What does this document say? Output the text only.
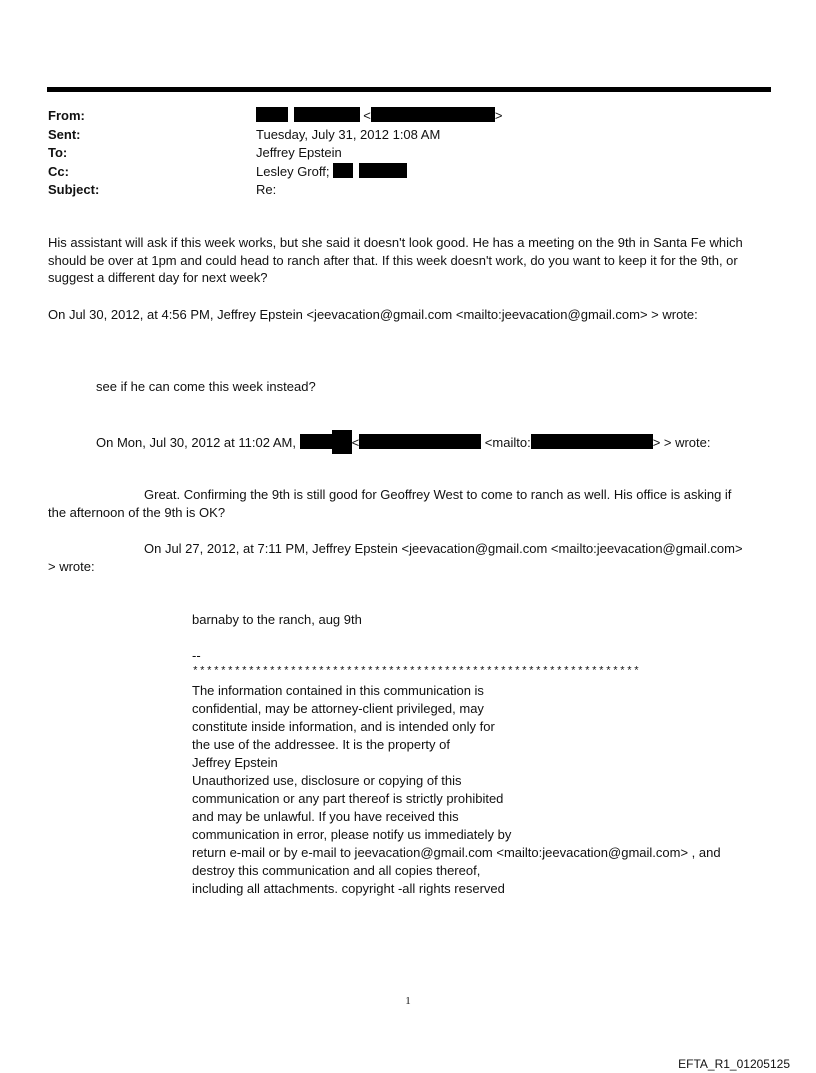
From:	<	>
Sent:	Tuesday, July 31, 2012 1:08 AM
To:	Jeffrey Epstein
Cc:	Lesley Groff;
Subject:	Re:
His assistant will ask if this week works, but she said it doesn't look good. He has a meeting on the 9th in Santa Fe which should be over at 1pm and could head to ranch after that. If this week doesn't work, do you want to keep it for the 9th, or suggest a different day for next week?
On Jul 30, 2012, at 4:56 PM, Jeffrey Epstein <jeevacation@gmail.com <mailto:jeevacation@gmail.com> > wrote:
see if he can come this week instead?
On Mon, Jul 30, 2012 at 11:02 AM,	<	<mailto:	> > wrote:
Great. Confirming the 9th is still good for Geoffrey West to come to ranch as well. His office is asking if
the afternoon of the 9th is OK?
On Jul 27, 2012, at 7:11 PM, Jeffrey Epstein <jeevacation@gmail.com <mailto:jeevacation@gmail.com>
> wrote:
barnaby to the ranch, aug 9th
--
****************************************************************
The information contained in this communication is
confidential, may be attorney-client privileged, may
constitute inside information, and is intended only for
the use of the addressee. It is the property of
Jeffrey Epstein
Unauthorized use, disclosure or copying of this
communication or any part thereof is strictly prohibited
and may be unlawful. If you have received this
communication in error, please notify us immediately by
return e-mail or by e-mail to jeevacation@gmail.com <mailto:jeevacation@gmail.com> , and
destroy this communication and all copies thereof,
including all attachments. copyright -all rights reserved
1
EFTA_R1_01205125
